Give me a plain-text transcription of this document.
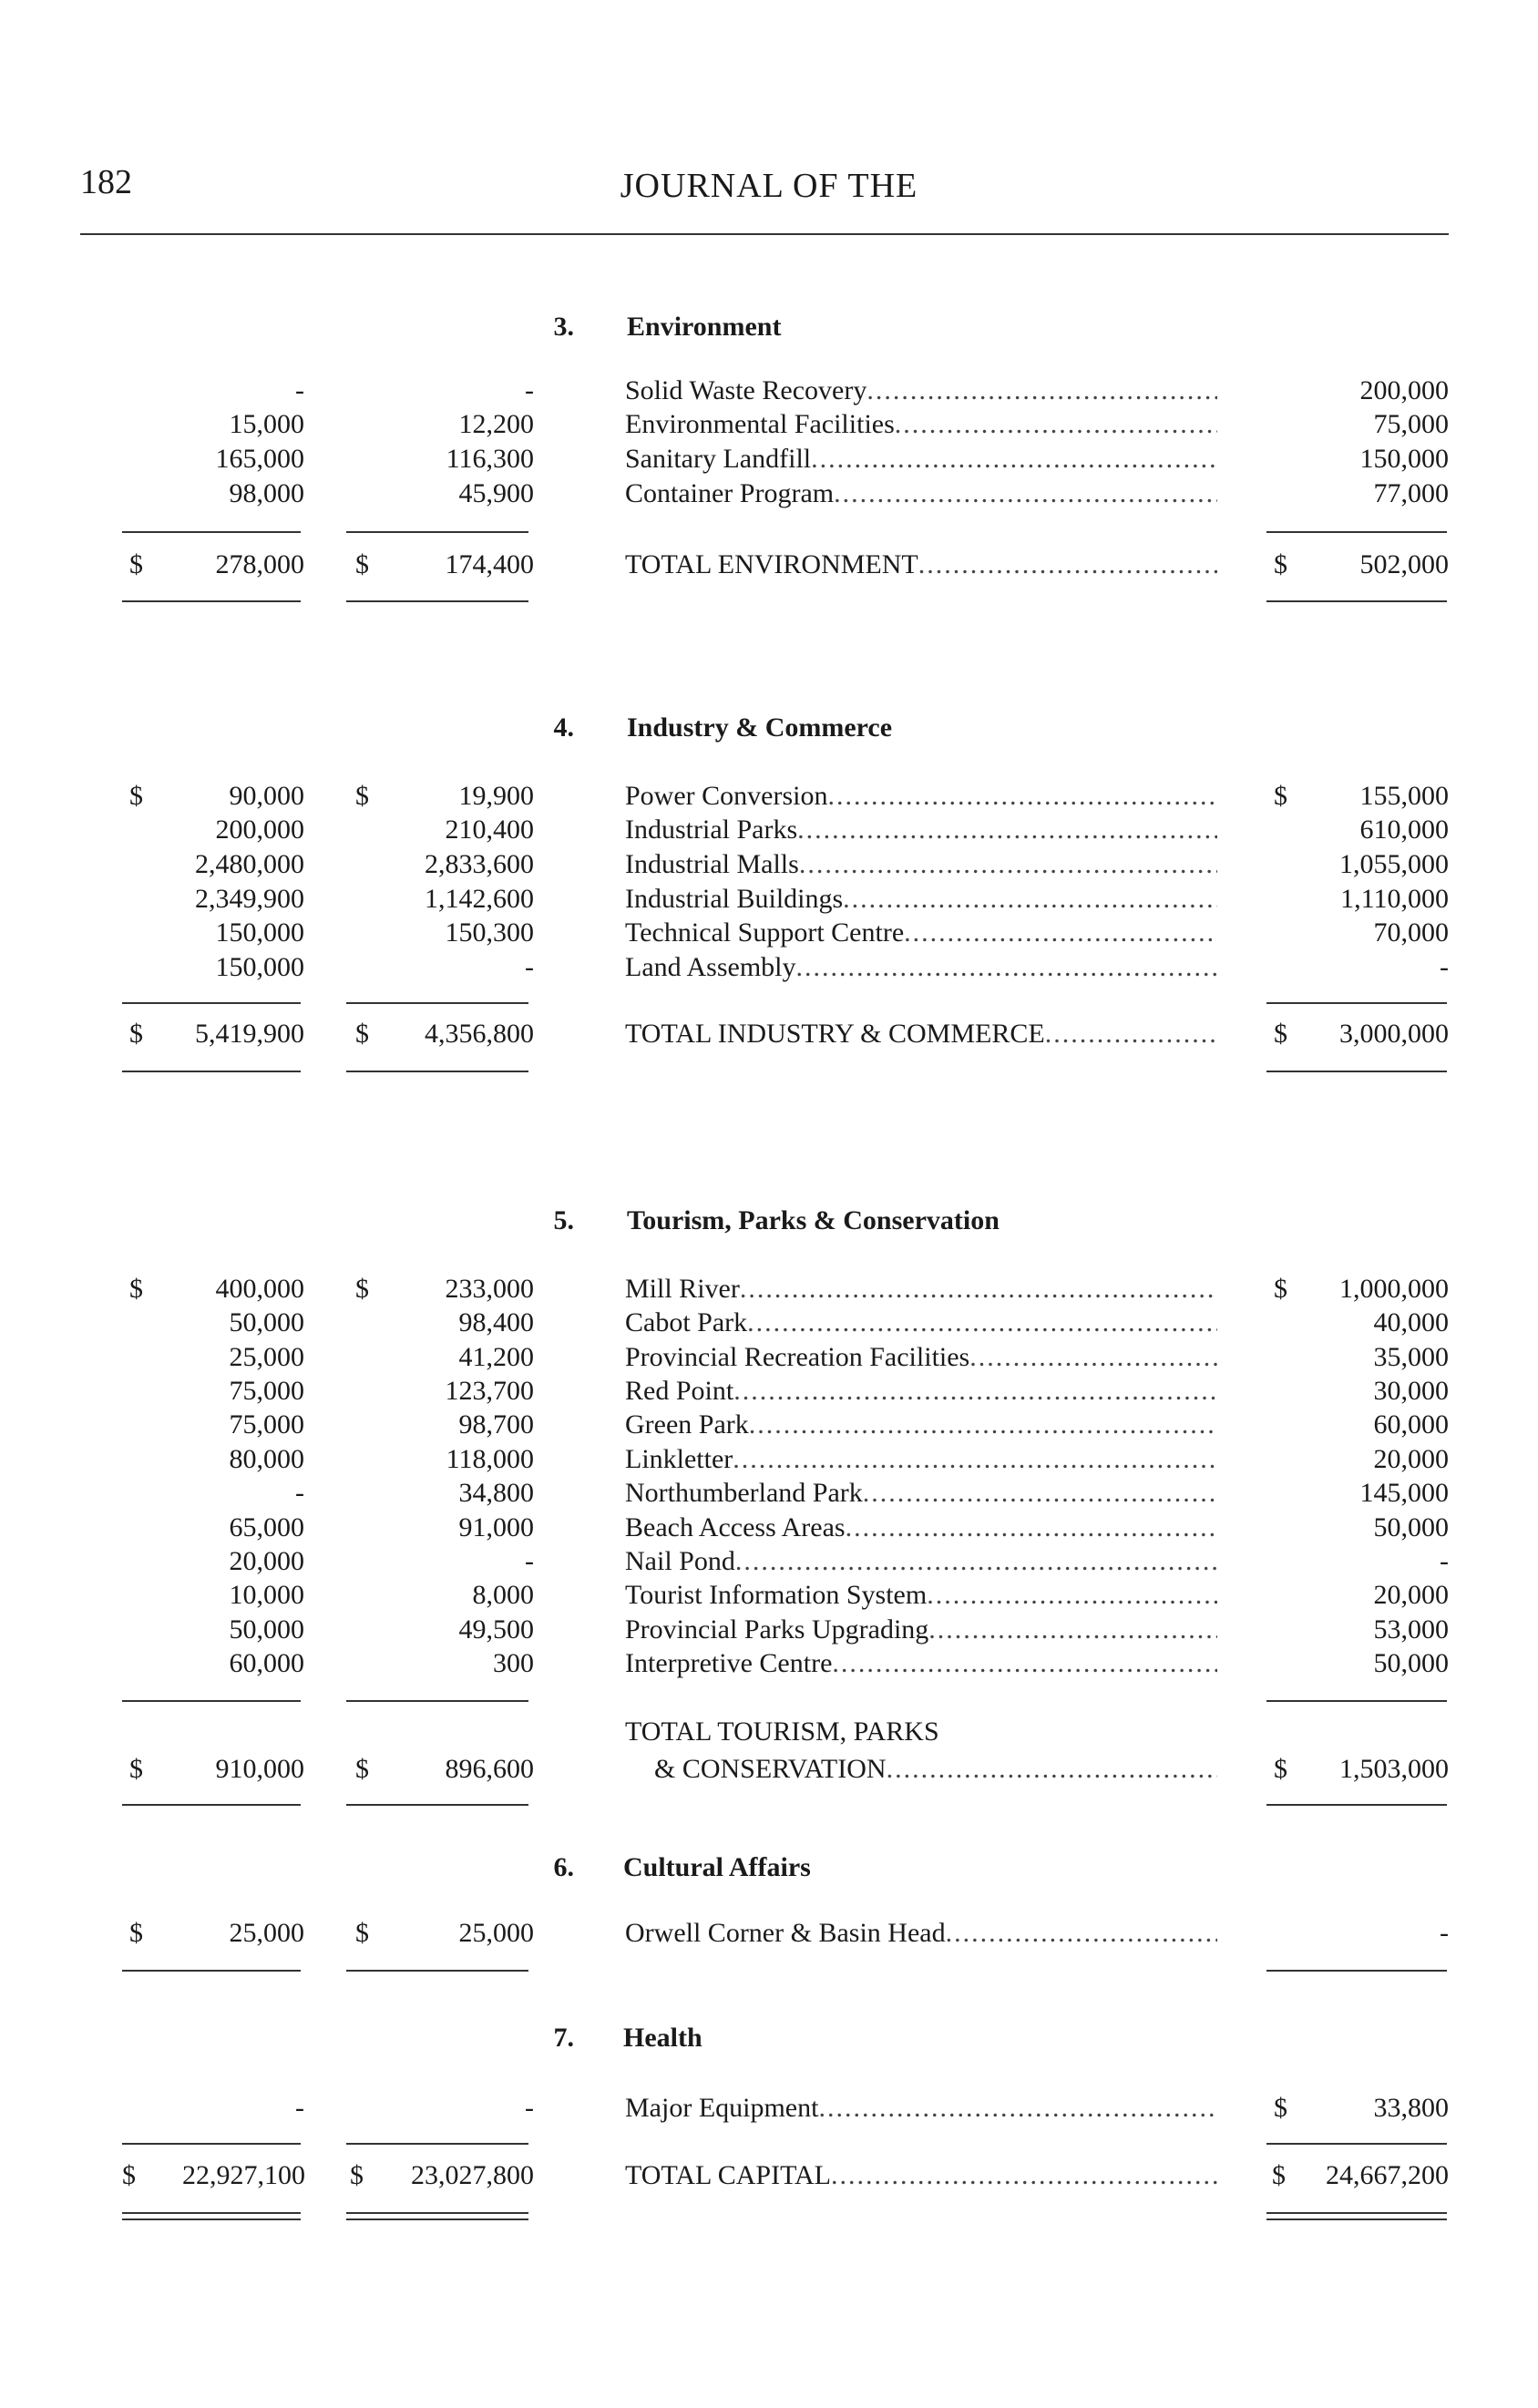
182	JOURNAL OF THE
3. Environment
-	-	Solid Waste Recovery .....	200,000
15,000	12,200	Environmental Facilities .....	75,000
165,000	116,300	Sanitary Landfill .....	150,000
98,000	45,900	Container Program .....	77,000
$	278,000 $	174,400	TOTAL ENVIRONMENT .....	$	502,000
4. Industry & Commerce
$	90,000 $	19,900	Power Conversion .....	$	155,000
200,000	210,400	Industrial Parks .....	610,000
2,480,000	2,833,600	Industrial Malls .....	1,055,000
2,349,900	1,142,600	Industrial Buildings .....	1,110,000
150,000	150,300	Technical Support Centre .....	70,000
150,000	-	Land Assembly .....	-
$	5,419,900 $	4,356,800	TOTAL INDUSTRY & COMMERCE .....	$	3,000,000
5. Tourism, Parks & Conservation
$	400,000 $	233,000	Mill River .....	$	1,000,000
50,000	98,400	Cabot Park .....	40,000
25,000	41,200	Provincial Recreation Facilities .....	35,000
75,000	123,700	Red Point .....	30,000
75,000	98,700	Green Park .....	60,000
80,000	118,000	Linkletter .....	20,000
-	34,800	Northumberland Park .....	145,000
65,000	91,000	Beach Access Areas .....	50,000
20,000	-	Nail Pond .....	-
10,000	8,000	Tourist Information System .....	20,000
50,000	49,500	Provincial Parks Upgrading .....	53,000
60,000	300	Interpretive Centre .....	50,000
TOTAL TOURISM, PARKS
$	910,000 $	896,600	& CONSERVATION .....	$	1,503,000
6. Cultural Affairs
$	25,000 $	25,000	Orwell Corner & Basin Head .....	-
7. Health
-	-	Major Equipment .....	$	33,800
$ 22,927,100 $	23,027,800	TOTAL CAPITAL .....	$	24,667,200
